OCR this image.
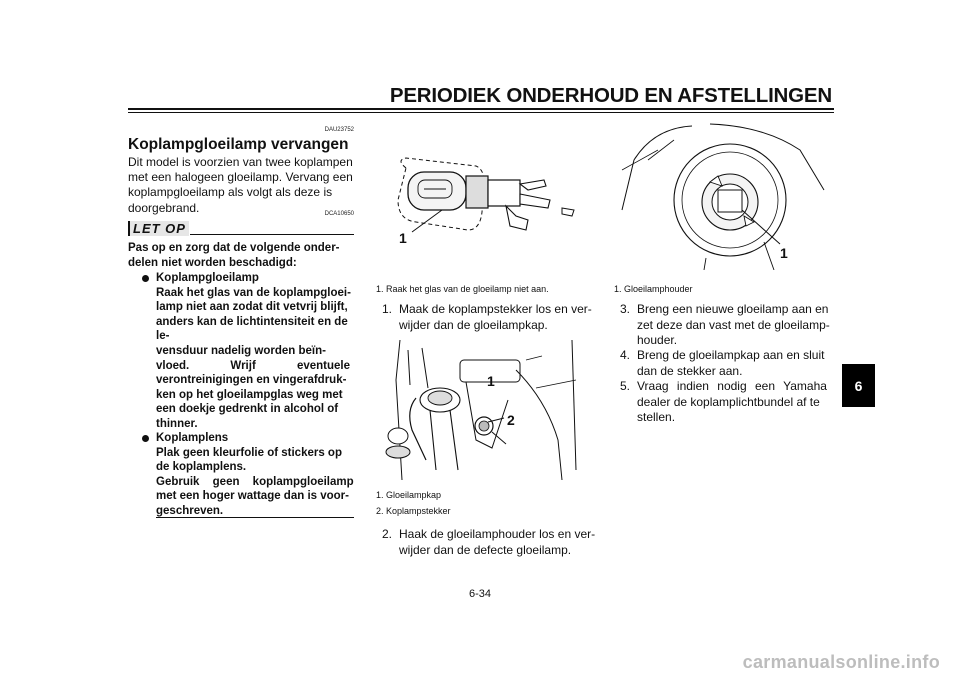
PERIODIEK ONDERHOUD EN AFSTELLINGEN
6
DAU23752
Koplampgloeilamp vervangen
Dit model is voorzien van twee koplampen
met een halogeen gloeilamp. Vervang een
koplampgloeilamp als volgt als deze is
doorgebrand.	DCA10650
LET OP
Pas op en zorg dat de volgende onder-
delen niet worden beschadigd:
Koplampgloeilamp
Raak het glas van de koplampgloei-
lamp niet aan zodat dit vetvrij blijft,
anders kan de lichtintensiteit en de le-
vensduur nadelig worden beïn-
vloed. Wrijf eventuele
verontreinigingen en vingerafdruk-
ken op het gloeilampglas weg met
een doekje gedrenkt in alcohol of
thinner.
Koplamplens
Plak geen kleurfolie of stickers op
de koplamplens.
Gebruik geen koplampgloeilamp
met een hoger wattage dan is voor-
geschreven.
1
1. Raak het glas van de gloeilamp niet aan.
1. Maak de koplampstekker los en ver-
wijder dan de gloeilampkap.
1
2
1. Gloeilampkap
2. Koplampstekker
2. Haak de gloeilamphouder los en ver-
wijder dan de defecte gloeilamp.
1
1. Gloeilamphouder
3. Breng een nieuwe gloeilamp aan en
zet deze dan vast met de gloeilamp-
houder.
4. Breng de gloeilampkap aan en sluit
dan de stekker aan.
5. Vraag indien nodig een Yamaha
dealer de koplamplichtbundel af te
stellen.
6-34
carmanualsonline.info
